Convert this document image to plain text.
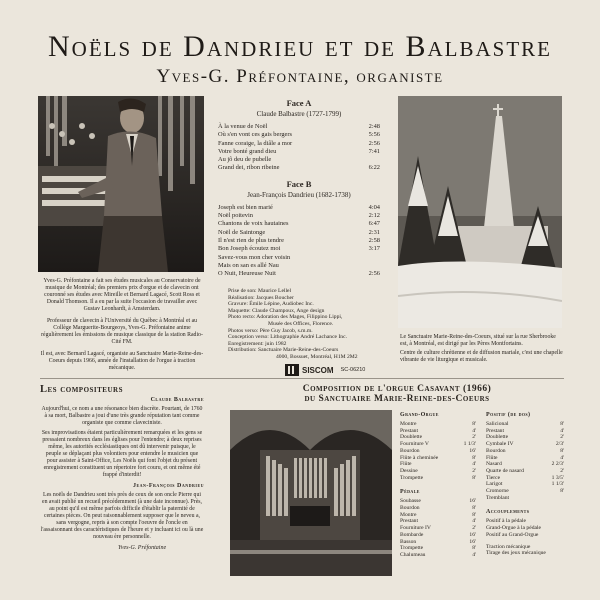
Noëls de Dandrieu et de Balbastre
Yves-G. Préfontaine, organiste

Yves-G. Préfontaine a fait ses études musicales au Conservatoire de musique de Montréal; des premiers prix d'orgue et de clavecin ont couronné ses études avec Mireille et Bernard Lagacé, Scott Ross et Donald Thomson. Il a eu par la suite l'occasion de travailler avec Gustav Leonhardt, à Amsterdam.

Professeur de clavecin à l'Université du Québec à Montréal et au Collège Marguerite-Bourgeoys, Yves-G. Préfontaine anime régulièrement les émissions de musique classique de la station Radio-Cité FM.

Il est, avec Bernard Lagacé, organiste au Sanctuaire Marie-Reine-des-Coeurs depuis 1966, année de l'installation de l'orgue à traction mécanique.

Face A
Claude Balbastre (1727-1799)
À la venue de Noël	2:48
Où s'en vont ces gais bergers	5:56
Fanne coraige, la diâle a mor	2:56
Votre bonté grand dieu	7:41
Au jô deu de pubelle
Grand dei, ribon ribeine	6:22
Face B
Jean-François Dandrieu (1682-1738)
Joseph est bien marié	4:04
Noël poitevin	2:12
Chantons de voix hautaines	6:47
Noël de Saintonge	2:31
Il n'est rien de plus tendre	2:58
Bon Joseph écoutez moi	3:17
Savez-vous mon cher voisin
Mais on san es allé Nau
O Nuit, Heureuse Nuit	2:56

Le Sanctuaire Marie-Reine-des-Coeurs, situé sur la rue Sherbrooke est, à Montréal, est dirigé par les Pères Montfortains.

Centre de culture chrétienne et de diffusion mariale, c'est une chapelle vibrante de vie liturgique et musicale.

Prise de son: Maurice Lellel
Réalisation: Jacques Boucher
Gravure: Émile Lépine, Audiobec Inc.
Maquette: Claude Champoux, Ange design
Photo recto: Adoration des Mages, Filippino Lippi,
Musée des Offices, Florence.
Photos verso: Père Guy Jacob, s.m.m.
Conception verso: Lithographie André Lachance Inc.
Enregistrement: juin 1982
Distribution: Sanctuaire Marie-Reine-des-Coeurs
4000, Bossuet, Montréal, H1M 2M2
SISCOM SC-06210
Les compositeurs
Claude Balbastre

Aujourd'hui, ce nom a une résonance bien discrète. Pourtant, de 1760 à sa mort, Balbastre a joui d'une très grande réputation tant comme organiste que comme claveciniste.

Ses improvisations étaient particulièrement remarquées et les gens se pressaient nombreux dans les églises pour l'entendre; à deux reprises même, les autorités ecclésiastiques ont dû intervenir puisque, le peuple se déplaçant plus volontiers pour entendre le musicien que pour assister à Saint-Office, Les Noëls qui font l'objet du présent enregistrement constituent un répertoire fort couru, et ont même été frappé d'interdit!

Jean-François Dandrieu

Les noëls de Dandrieu sont très près de ceux de son oncle Pierre qui en avait publié un recueil précédemment (à une date inconnue). Près, au point qu'il est même parfois difficile d'établir la paternité de certaines pièces. On peut raisonnablement supposer que le neveu a, sans vergogne, repris à son compte l'oeuvre de l'oncle en l'assaisonnant des caractéristiques de l'heure et y incluant ici ou là une nouveau ère personnelle.

Yves-G. Préfontaine

Composition de l'orgue Casavant (1966)
du Sanctuaire Marie-Reine-des-Coeurs
Grand-Orgue
Montre	8'
Prestant	4'
Doublette	2'
Fourniture V	1 1/3'
Bourdon	16'
Flûte à cheminée	8'
Flûte	4'
Dessine	2'
Trompette	8'
Pédale
Soubasse	16'
Bourdon	8'
Montre	8'
Prestant	4'
Fourniture IV	2'
Bombarde	16'
Basson	16'
Trompette	8'
Chalumeau	4'
Positif (de dos)
Salicional	8'
Prestant	4'
Doublette	2'
Cymbale IV	2/3'
Bourdon	8'
Flûte	4'
Nasard	2 2/3'
Quarte de nasard	2'
Tierce	1 3/5'
Larigot	1 1/3'
Cromorne	8'
Tremblant
Accouplements
Positif à la pédale
Grand-Orgue à la pédale
Positif au Grand-Orgue
Traction mécanique
Tirage des jeux mécanique
